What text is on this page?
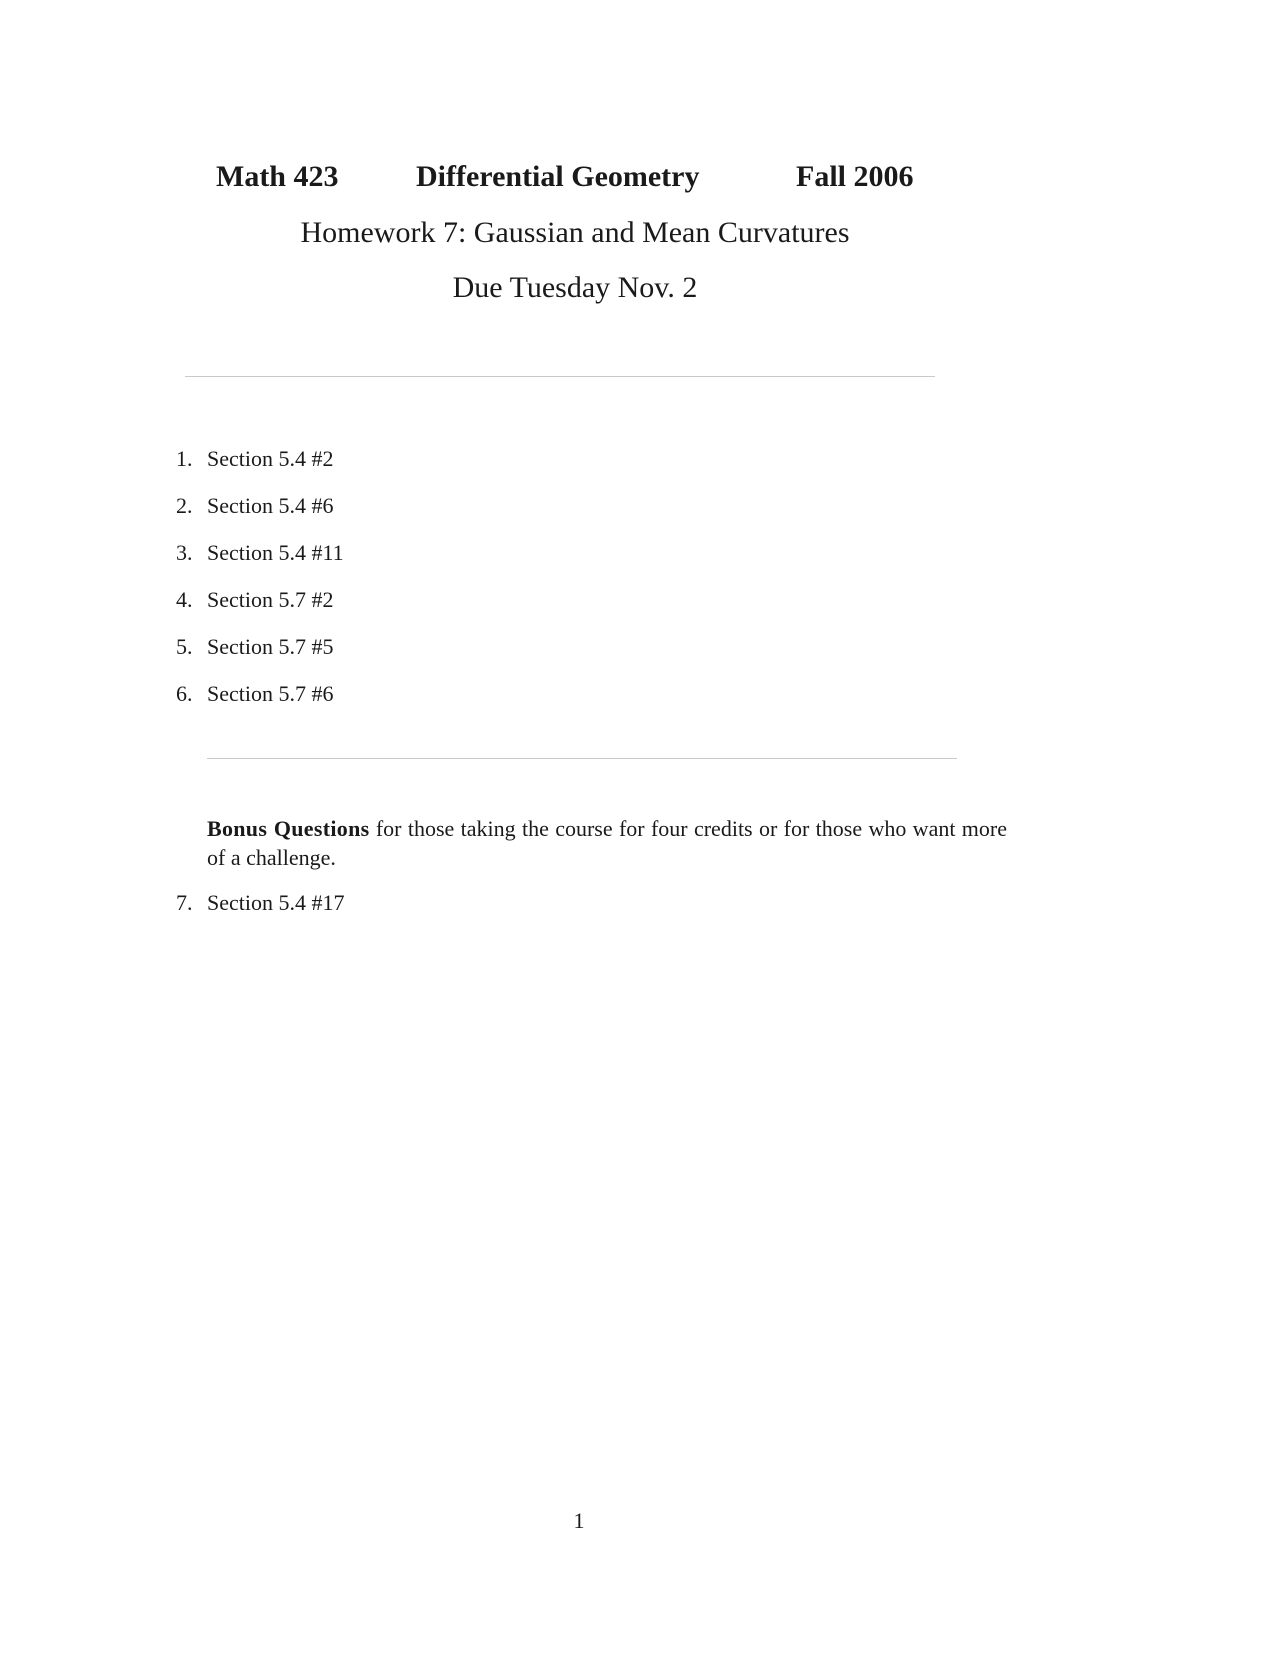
Math 423	Differential Geometry	Fall 2006
Homework 7: Gaussian and Mean Curvatures
Due Tuesday Nov. 2
1. Section 5.4 #2
2. Section 5.4 #6
3. Section 5.4 #11
4. Section 5.7 #2
5. Section 5.7 #5
6. Section 5.7 #6
Bonus Questions for those taking the course for four credits or for those who want more of a challenge.
7. Section 5.4 #17
1
